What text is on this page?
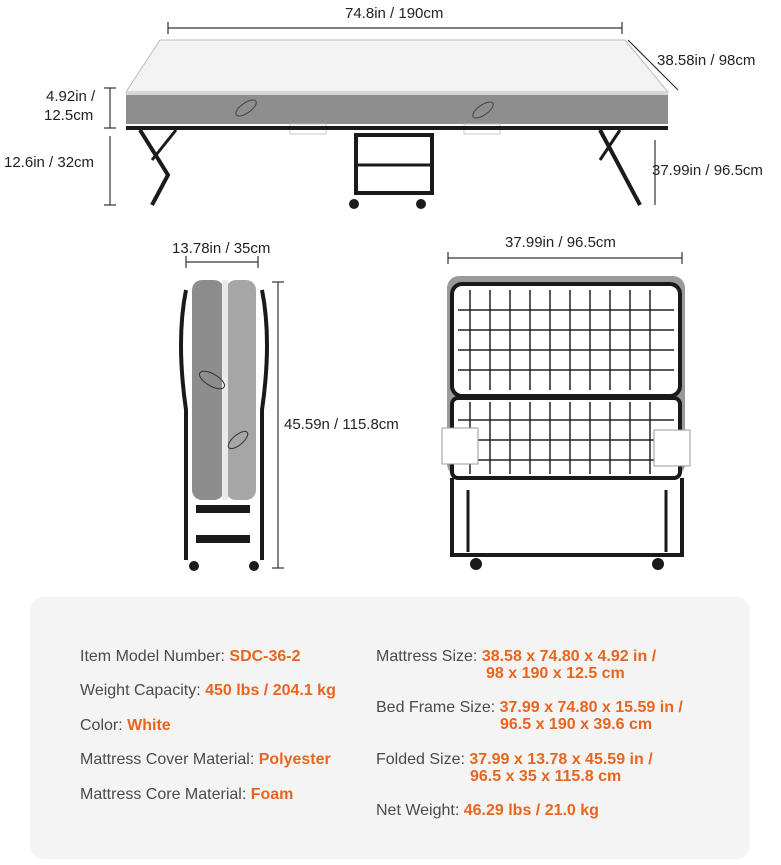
74.8in / 190cm
38.58in / 98cm
4.92in /
12.5cm
12.6in / 32cm	37.99in / 96.5cm
13.78in / 35cm
45.59n / 115.8cm
37.99in / 96.5cm
Item Model Number: SDC-36-2
Weight Capacity: 450 lbs / 204.1 kg
Color: White
Mattress Cover Material: Polyester
Mattress Core Material: Foam
Mattress Size: 38.58 x 74.80 x 4.92 in /
98 x 190 x 12.5 cm
Bed Frame Size: 37.99 x 74.80 x 15.59 in /
96.5 x 190 x 39.6 cm
Folded Size: 37.99 x 13.78 x 45.59 in /
96.5 x 35 x 115.8 cm
Net Weight: 46.29 lbs / 21.0 kg
